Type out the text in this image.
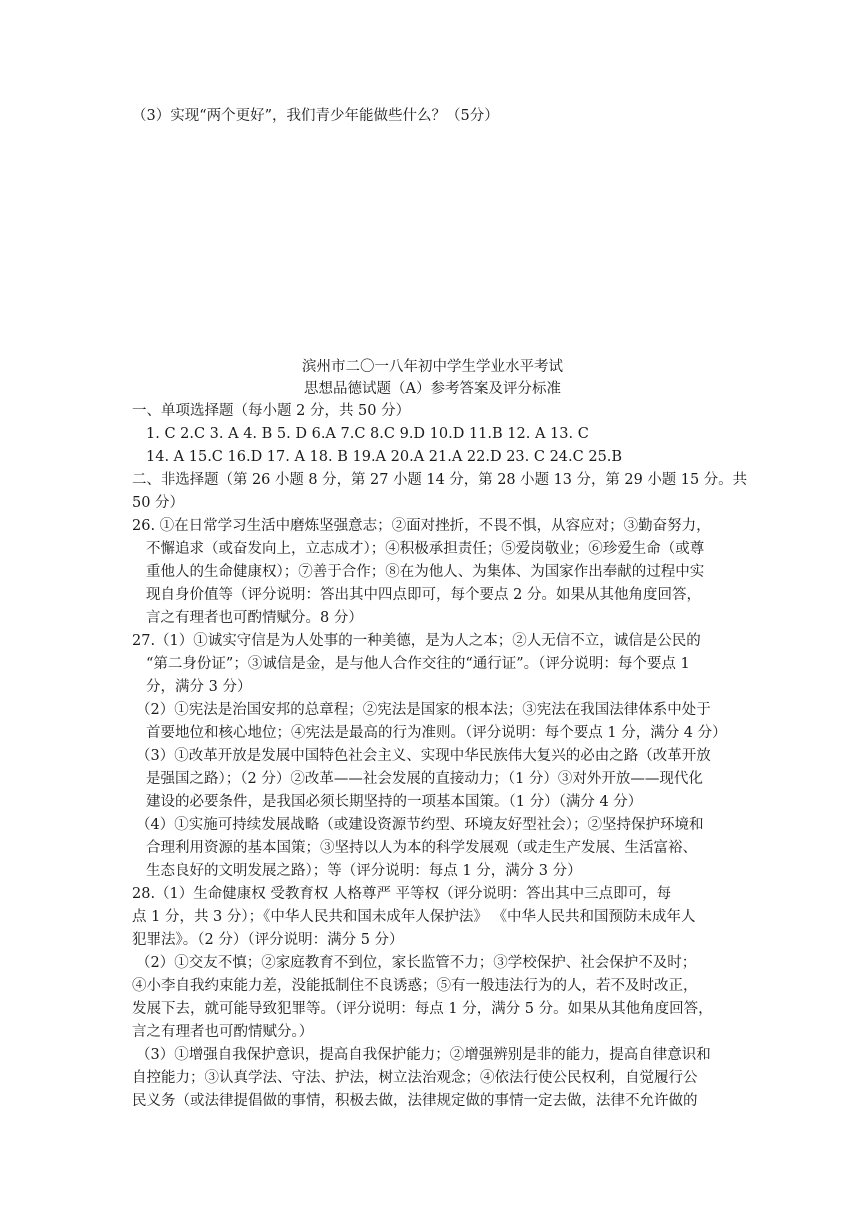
（3）实现“两个更好”，我们青少年能做些什么？（5分）
滨州市二〇一八年初中学生学业水平考试
思想品德试题（A）参考答案及评分标准
一、单项选择题（每小题 2 分，共 50 分）
1. C 2.C 3. A 4. B 5. D 6.A 7.C 8.C 9.D 10.D 11.B 12. A 13. C
14. A 15.C 16.D 17. A 18. B 19.A 20.A 21.A 22.D 23. C 24.C 25.B
二、非选择题（第 26 小题 8 分，第 27 小题 14 分，第 28 小题 13 分，第 29 小题 15 分。共
50 分）
26. ①在日常学习生活中磨炼坚强意志；②面对挫折，不畏不惧，从容应对；③勤奋努力，
不懈追求（或奋发向上，立志成才）；④积极承担责任；⑤爱岗敬业；⑥珍爱生命（或尊
重他人的生命健康权）；⑦善于合作；⑧在为他人、为集体、为国家作出奉献的过程中实
现自身价值等（评分说明：答出其中四点即可，每个要点 2 分。如果从其他角度回答，
言之有理者也可酌情赋分。8 分）
27.（1）①诚实守信是为人处事的一种美德，是为人之本；②人无信不立，诚信是公民的
“第二身份证”；③诚信是金，是与他人合作交往的“通行证”。（评分说明：每个要点 1
分，满分 3 分）
（2）①宪法是治国安邦的总章程；②宪法是国家的根本法；③宪法在我国法律体系中处于
首要地位和核心地位；④宪法是最高的行为准则。（评分说明：每个要点 1 分，满分 4 分）
（3）①改革开放是发展中国特色社会主义、实现中华民族伟大复兴的必由之路（改革开放
是强国之路）；（2 分）②改革——社会发展的直接动力；（1 分）③对外开放——现代化
建设的必要条件，是我国必须长期坚持的一项基本国策。（1 分）（满分 4 分）
（4）①实施可持续发展战略（或建设资源节约型、环境友好型社会）；②坚持保护环境和
合理利用资源的基本国策；③坚持以人为本的科学发展观（或走生产发展、生活富裕、
生态良好的文明发展之路）；等（评分说明：每点 1 分，满分 3 分）
28.（1）生命健康权 受教育权 人格尊严 平等权（评分说明：答出其中三点即可，每
点 1 分，共 3 分）；《中华人民共和国未成年人保护法》 《中华人民共和国预防未成年人
犯罪法》。（2 分）（评分说明：满分 5 分）
（2）①交友不慎；②家庭教育不到位，家长监管不力；③学校保护、社会保护不及时；
④小李自我约束能力差，没能抵制住不良诱惑；⑤有一般违法行为的人，若不及时改正，
发展下去，就可能导致犯罪等。（评分说明：每点 1 分，满分 5 分。如果从其他角度回答，
言之有理者也可酌情赋分。）
（3）①增强自我保护意识，提高自我保护能力；②增强辨别是非的能力，提高自律意识和
自控能力；③认真学法、守法、护法，树立法治观念；④依法行使公民权利，自觉履行公
民义务（或法律提倡做的事情，积极去做，法律规定做的事情一定去做，法律不允许做的
